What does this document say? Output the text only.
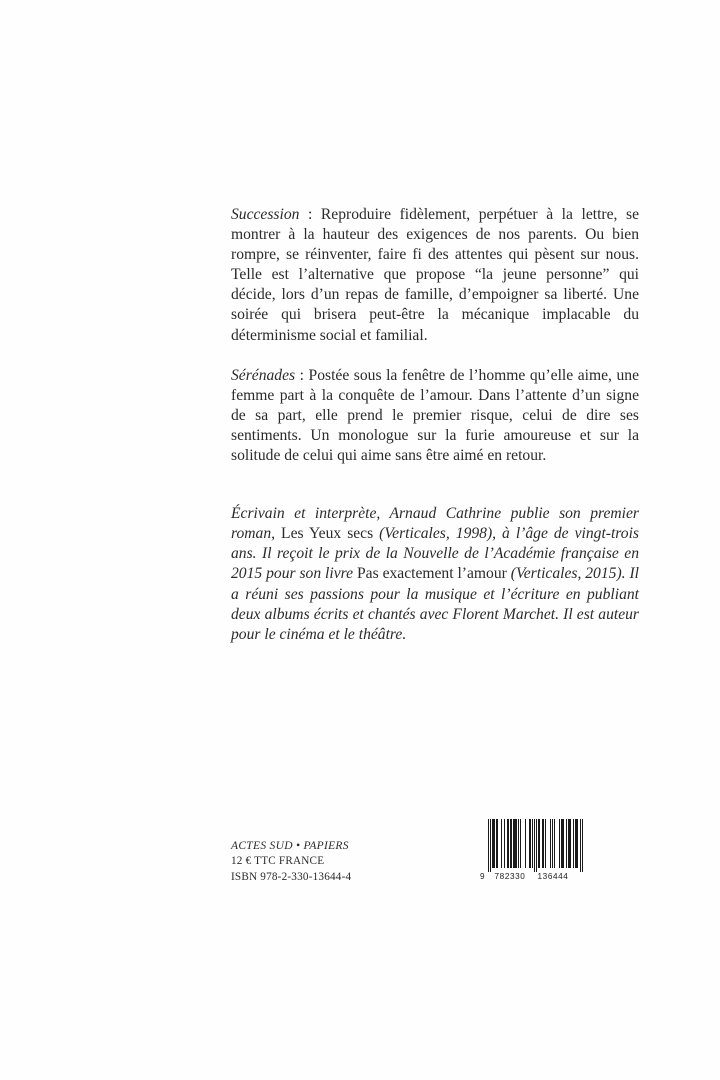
Succession : Reproduire fidèlement, perpétuer à la lettre, se montrer à la hauteur des exigences de nos parents. Ou bien rompre, se réinventer, faire fi des attentes qui pèsent sur nous. Telle est l’alternative que propose “la jeune personne” qui décide, lors d’un repas de famille, d’empoigner sa liberté. Une soirée qui brisera peut-être la mécanique implacable du déterminisme social et familial.

Sérénades : Postée sous la fenêtre de l’homme qu’elle aime, une femme part à la conquête de l’amour. Dans l’attente d’un signe de sa part, elle prend le premier risque, celui de dire ses sentiments. Un monologue sur la furie amoureuse et sur la solitude de celui qui aime sans être aimé en retour.

Écrivain et interprète, Arnaud Cathrine publie son premier roman, Les Yeux secs (Verticales, 1998), à l’âge de vingt-trois ans. Il reçoit le prix de la Nouvelle de l’Académie française en 2015 pour son livre Pas exactement l’amour (Verticales, 2015). Il a réuni ses passions pour la musique et l’écriture en publiant deux albums écrits et chantés avec Florent Marchet. Il est auteur pour le cinéma et le théâtre.

ACTES SUD • PAPIERS
12 € TTC FRANCE
ISBN 978-2-330-13644-4	9 782330 136444
